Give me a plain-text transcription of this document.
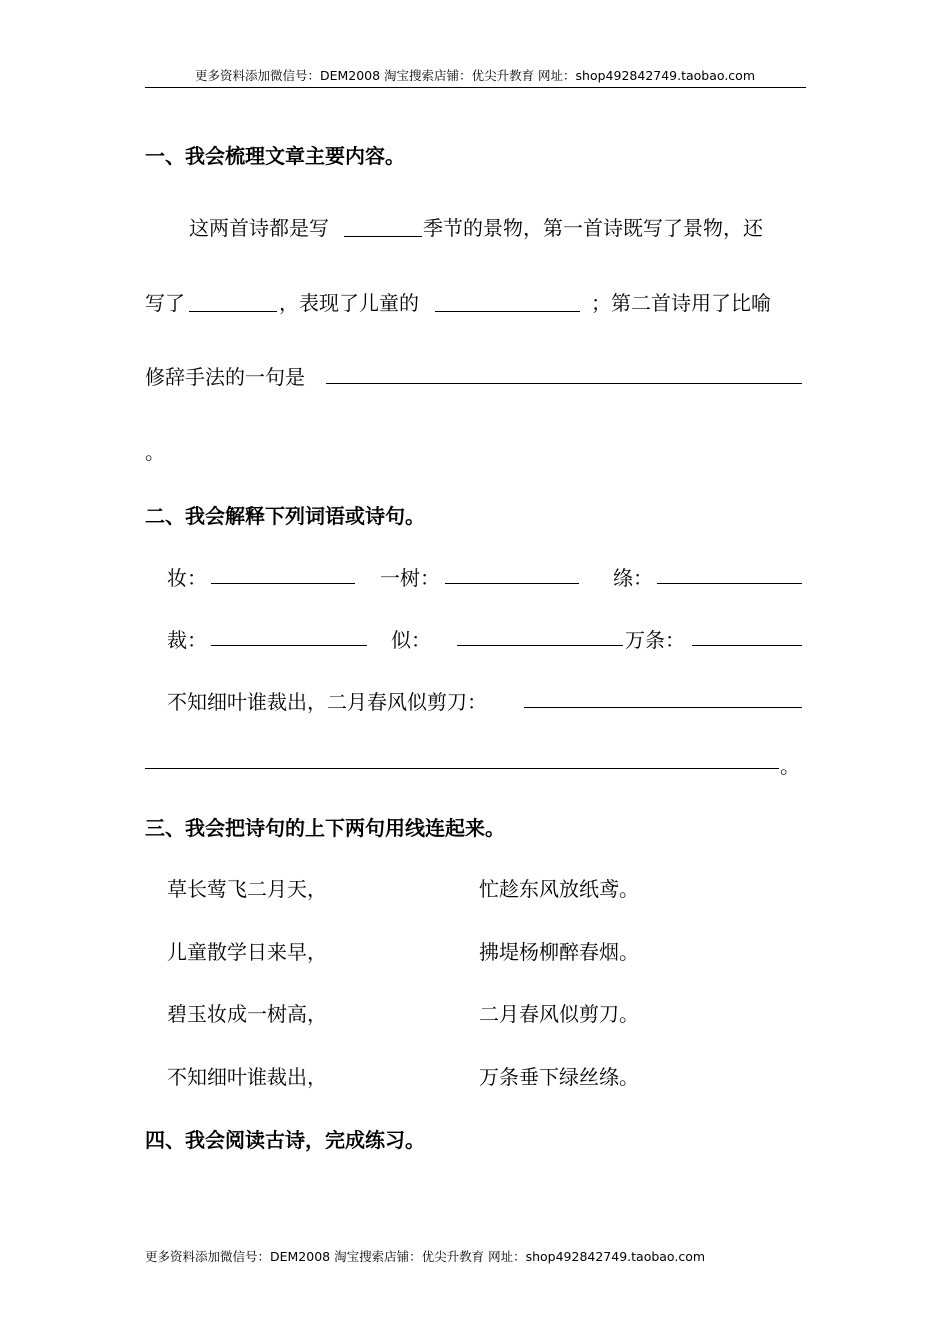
更多资料添加微信号：DEM2008 淘宝搜索店铺：优尖升教育 网址：shop492842749.taobao.com
一、我会梳理文章主要内容。
这两首诗都是写	季节的景物，第一首诗既写了景物，还
写了	，表现了儿童的	；第二首诗用了比喻
修辞手法的一句是
。
二、我会解释下列词语或诗句。
妆：	一树：	绦：
裁：	似：	万条：
不知细叶谁裁出，二月春风似剪刀：
。
三、我会把诗句的上下两句用线连起来。
草长莺飞二月天，	忙趁东风放纸鸢。
儿童散学日来早，	拂堤杨柳醉春烟。
碧玉妆成一树高，	二月春风似剪刀。
不知细叶谁裁出，	万条垂下绿丝绦。
四、我会阅读古诗，完成练习。
更多资料添加微信号：DEM2008 淘宝搜索店铺：优尖升教育 网址：shop492842749.taobao.com
